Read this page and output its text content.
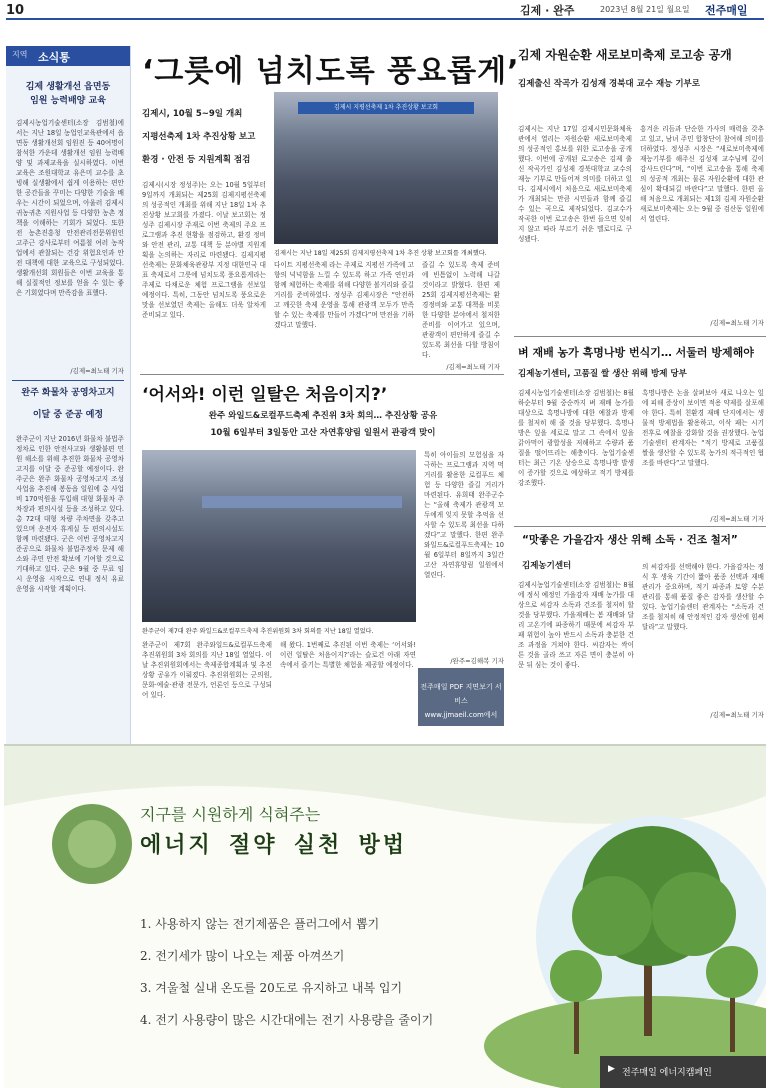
10	김제 · 완주	2023년 8월 21일 월요일 전주매일
지역 소식통
김제 생활개선 읍면동
임원 능력배양 교육
김제시농업기술센터(소장 김범철)에서는 지난 18일 농업인교육관에서 읍면동 생활개선회 임원진 등 40여명이 참석한 가운데 생활개선 임원 능력배양 및 과제교육을 실시하였다. 이번 교육은 조원대학교 유은미 교수를 초빙해 실생활에서 쉽게 이용하는 편안한 공간들을 꾸미는 다양한 기술을 배우는 시간이 되었으며, 아울러 김제시 귀농귀촌 지원사업 등 다양한 농촌 정책을 이해하는 기회가 되었다. 또한 전 농촌진흥청 안전관리전문위원인 고주근 강사로부터 여름철 여러 농작업에서 관찰되는 건강 위험요인과 안전 대책에 대한 교육으로 구성되었다. 생활개선회 회원들은 이번 교육을 통해 실질적인 정보를 얻을 수 있는 좋은 기회였다며 만족감을 표했다.
/김제=최노태 기자
완주 화물차 공영차고지
이달 중 준공 예정
완주군이 지난 2016년 화물차 불법주정차로 인한 안전사고와 생활불편 민원 해소를 위해 추진한 화물차 공영차고지를 이달 중 준공할 예정이다. 완주군은 완주 화물차 공영차고지 조성사업을 추진해 봉동읍 일원에 총 사업비 170억원을 투입해 대형 화물차 주차장과 편의시설 등을 조성하고 있다. 총 72대 대형 차량 주차면을 갖추고 있으며 운전자 휴게실 등 편의시설도 함께 마련됐다. 군은 이번 공영차고지 준공으로 화물차 불법주정차 문제 해소와 주민 안전 확보에 기여할 것으로 기대하고 있다. 군은 9월 중 무료 임시 운영을 시작으로 연내 정식 유료 운영을 시작할 계획이다.
‘그릇에 넘치도록 풍요롭게’
김제시, 10월 5~9일 개최
지평선축제 1차 추진상황 보고
환경 · 안전 등 지원계획 점검
김제시 지평선축제 1차 추진상황 보고회
김제시는 지난 18일 제25회 김제지평선축제 1차 추진 상황 보고회를 개최했다.
김제시(시장 정성주)는 오는 10월 5일부터 9일까지 개최되는 제25회 김제지평선축제의 성공적인 개최를 위해 지난 18일 1차 추진상황 보고회를 가졌다. 이날 보고회는 정성주 김제시장 주재로 이번 축제의 주요 프로그램과 추진 현황을 점검하고, 환경 정비와 안전 관리, 교통 대책 등 분야별 지원계획을 논의하는 자리로 마련됐다. 김제지평선축제는 문화체육관광부 지정 대한민국 대표 축제로서 그릇에 넘치도록 풍요롭게라는 주제로 다채로운 체험 프로그램을 선보일 예정이다. 특히, 그동안 넘치도록 풍요로운 맛을 선보였던 축제는 올해도 더욱 알차게 준비되고 있다.
다이트 지평선축제 라는 주제로 지평선 가족에 고향의 넉넉함을 느낄 수 있도록 하고 가족 연인과 함께 체험하는 축제를 위해 다양한 볼거리와 즐길거리를 준비하였다. 정성주 김제시장은 “안전하고 깨끗한 축제 운영을 통해 관광객 모두가 만족할 수 있는 축제를 만들어 가겠다”며 만전을 기하겠다고 말했다.
즐길 수 있도록 축제 준비에 빈틈없이 노력해 나갈 것이라고 밝혔다. 한편 제25회 김제지평선축제는 환경정비와 교통 대책을 비롯한 다양한 분야에서 철저한 준비를 이어가고 있으며, 관광객이 편안하게 즐길 수 있도록 최선을 다할 방침이다.
/김제=최노태 기자
‘어서와! 이런 일탈은 처음이지?’
완주 와일드&로컬푸드축제 추진위 3차 회의… 추진상황 공유
10월 6일부터 3일동안 고산 자연휴양림 일원서 관광객 맞이
완주군이 제7대 완주 와일드&로컬푸드축제 추진위원회 3차 회의를 지난 18일 열었다.
완주군이 제7회 완주와일드&로컬푸드축제 추진위원회 3차 회의를 지난 18일 열었다. 이날 추진위원회에서는 축제종합계획과 및 추진상황 공유가 이뤄졌다. 추진위원회는 군의원, 문화·예술·관광 전문가, 언론인 등으로 구성되어 있다.
해 왔다. 1번째로 추진된 이번 축제는 ‘어서와! 이런 일탈은 처음이지?’라는 슬로건 아래 자연 속에서 즐기는 특별한 체험을 제공할 예정이다.
특히 아이들의 모험심을 자극하는 프로그램과 지역 먹거리를 활용한 로컬푸드 체험 등 다양한 즐길 거리가 마련된다. 유희태 완주군수는 “올해 축제가 관광객 모두에게 잊지 못할 추억을 선사할 수 있도록 최선을 다하겠다”고 말했다. 한편 완주와일드&로컬푸드축제는 10월 6일부터 8일까지 3일간 고산 자연휴양림 일원에서 열린다.
/완주=김해복 기자
전주매일 PDF 지면보기 서비스
www.jjmaeil.com에서
김제 자원순환 새로보미축제 로고송 공개
김제출신 작곡가 김성재 경북대 교수 재능 기부로
김제시는 지난 17일 김제시민문화체육관에서 열리는 자원순환 새로보미축제의 성공적인 홍보를 위한 로고송을 공개했다. 이번에 공개된 로고송은 김제 출신 작곡가인 김성재 경북대학교 교수의 재능 기부로 만들어져 의미를 더하고 있다. 김제시에서 처음으로 새로보미축제가 개최되는 만큼 시민들과 함께 즐길 수 있는 곡으로 제작되었다. 김교수가 작곡한 이번 로고송은 한번 들으면 잊히지 않고 따라 부르기 쉬운 멜로디로 구성됐다.
흥겨운 리듬과 단순한 가사의 매력을 갖추고 있고, 남녀 주민 합창단이 참여해 의미를 더하였다. 정성주 시장은 “새로보미축제에 재능기부를 해주신 김성재 교수님께 깊이 감사드린다”며, “이번 로고송을 통해 축제의 성공적 개최는 물론 자원순환에 대한 관심이 확대되길 바란다”고 말했다. 한편 올해 처음으로 개최되는 제1회 김제 자원순환 새로보미축제는 오는 9월 중 검산동 일원에서 열린다.
/김제=최노태 기자
벼 재배 농가 흑명나방 번식기… 서둘러 방제해야
김제농기센터, 고품질 쌀 생산 위해 방제 당부
김제시농업기술센터(소장 김범철)는 8월 하순부터 9월 중순까지 벼 재배 농가를 대상으로 흑명나방에 대한 예찰과 방제를 철저히 해 줄 것을 당부했다. 흑명나방은 잎을 세로로 말고 그 속에서 잎을 갉아먹어 광합성을 저해하고 수량과 품질을 떨어뜨리는 해충이다. 농업기술센터는 최근 기온 상승으로 흑명나방 발생이 증가할 것으로 예상하고 적기 방제를 강조했다.
흑명나방은 논을 살펴보아 새로 나오는 잎에 피해 증상이 보이면 적용 약제를 살포해야 한다. 특히 친환경 재배 단지에서는 생물적 방제법을 활용하고, 이삭 패는 시기 전후로 예찰을 강화할 것을 권장했다. 농업기술센터 관계자는 “적기 방제로 고품질 쌀을 생산할 수 있도록 농가의 적극적인 협조를 바란다”고 말했다.
/김제=최노태 기자
“맛좋은 가을감자 생산 위해 소독 · 건조 철저”
김제농기센터
김제시농업기술센터(소장 김범철)는 8월에 정식 예정인 가을감자 재배 농가를 대상으로 씨감자 소독과 건조를 철저히 할 것을 당부했다. 가을재배는 봄 재배와 달리 고온기에 파종하기 때문에 씨감자 부패 위험이 높아 반드시 소독과 충분한 건조 과정을 거쳐야 한다. 씨감자는 싹이 튼 것을 골라 쓰고 자른 면이 충분히 아문 뒤 심는 것이 좋다.
의 씨감자를 선택해야 한다. 가을감자는 정식 후 생육 기간이 짧아 품종 선택과 재배 관리가 중요하며, 적기 파종과 토양 수분 관리를 통해 품질 좋은 감자를 생산할 수 있다. 농업기술센터 관계자는 “소독과 건조를 철저히 해 안정적인 감자 생산에 힘써 달라”고 말했다.
/김제=최노태 기자
지구를 시원하게 식혀주는
에너지 절약 실천 방법
1. 사용하지 않는 전기제품은 플러그에서 뽑기
2. 전기세가 많이 나오는 제품 아껴쓰기
3. 겨울철 실내 온도를 20도로 유지하고 내복 입기
4. 전기 사용량이 많은 시간대에는 전기 사용량을 줄이기
▶ 전주매일 에너지캠페인
